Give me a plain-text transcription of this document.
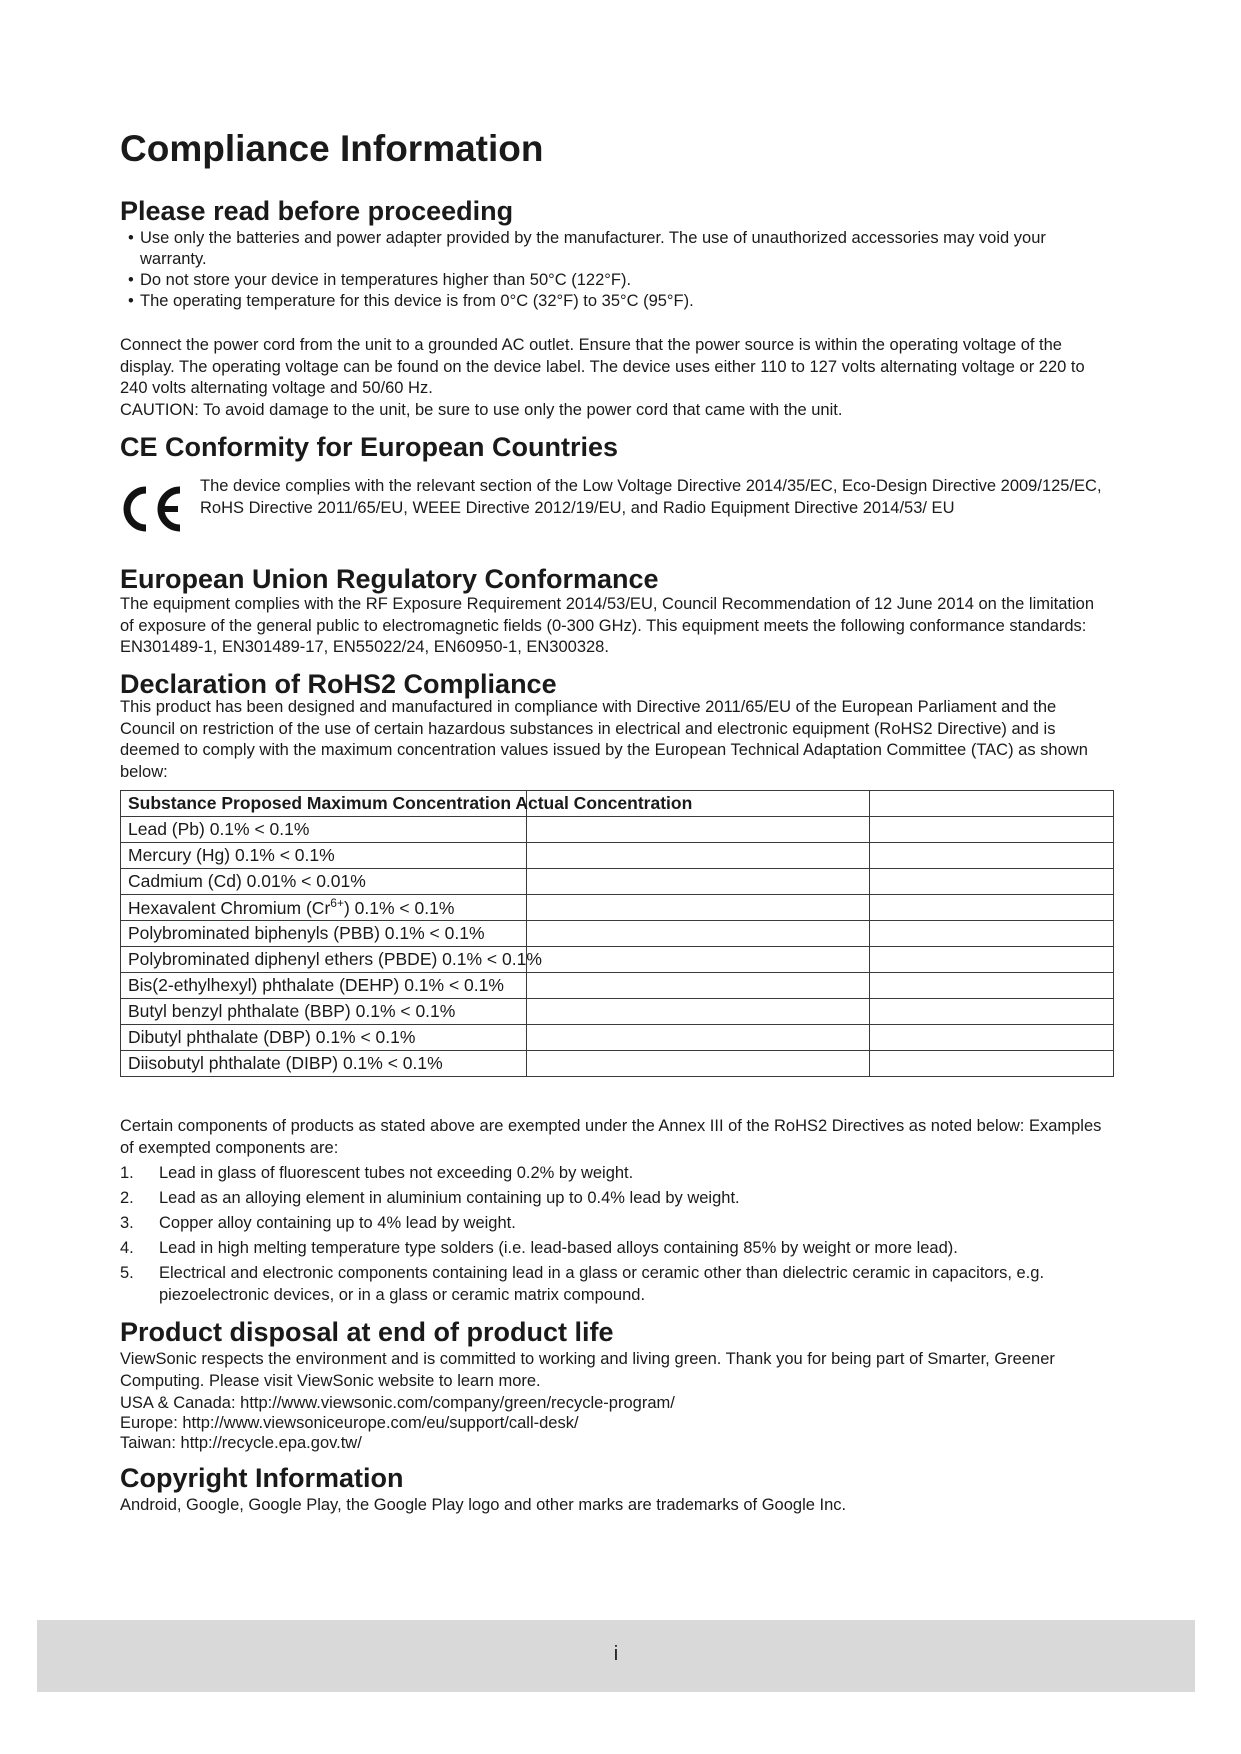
Compliance Information
Please read before proceeding
• Use only the batteries and power adapter provided by the manufacturer. The use of unauthorized accessories may void your warranty.
• Do not store your device in temperatures higher than 50°C (122°F).
• The operating temperature for this device is from 0°C (32°F) to 35°C (95°F).

Connect the power cord from the unit to a grounded AC outlet. Ensure that the power source is within the operating voltage of the display. The operating voltage can be found on the device label. The device uses either 110 to 127 volts alternating voltage or 220 to 240 volts alternating voltage and 50/60 Hz.

CAUTION: To avoid damage to the unit, be sure to use only the power cord that came with the unit.

CE Conformity for European Countries
The device complies with the relevant section of the Low Voltage Directive 2014/35/EC, Eco-Design Directive 2009/125/EC, RoHS Directive 2011/65/EU, WEEE Directive 2012/19/EU, and Radio Equipment Directive 2014/53/ EU
European Union Regulatory Conformance

The equipment complies with the RF Exposure Requirement 2014/53/EU, Council Recommendation of 12 June 2014 on the limitation of exposure of the general public to electromagnetic fields (0-300 GHz). This equipment meets the following conformance standards: EN301489-1, EN301489-17, EN55022/24, EN60950-1, EN300328.

Declaration of RoHS2 Compliance

This product has been designed and manufactured in compliance with Directive 2011/65/EU of the European Parliament and the Council on restriction of the use of certain hazardous substances in electrical and electronic equipment (RoHS2 Directive) and is deemed to comply with the maximum concentration values issued by the European Technical Adaptation Committee (TAC) as shown below:

Substance Proposed Maximum Concentration Actual Concentration		
Lead (Pb) 0.1% < 0.1%		
Mercury (Hg) 0.1% < 0.1%		
Cadmium (Cd) 0.01% < 0.01%		
Hexavalent Chromium $(Cr^{6+}) 0.1\% < 0.1\%$		
Polybrominated biphenyls (PBB) 0.1% < 0.1%		
Polybrominated diphenyl ethers (PBDE) 0.1% < 0.1%		
Bis(2-ethylhexyl) phthalate (DEHP) 0.1% < 0.1%		
Butyl benzyl phthalate (BBP) 0.1% < 0.1%		
Dibutyl phthalate (DBP) 0.1% < 0.1%		
Diisobutyl phthalate (DIBP) 0.1% < 0.1%		

Certain components of products as stated above are exempted under the Annex III of the RoHS2 Directives as noted below: Examples of exempted components are:

1. Lead in glass of fluorescent tubes not exceeding 0.2% by weight.
2. Lead as an alloying element in aluminium containing up to 0.4% lead by weight.
3. Copper alloy containing up to 4% lead by weight.
4. Lead in high melting temperature type solders (i.e. lead-based alloys containing 85% by weight or more lead).
5. Electrical and electronic components containing lead in a glass or ceramic other than dielectric ceramic in capacitors, e.g. piezoelectronic devices, or in a glass or ceramic matrix compound.
Product disposal at end of product life

ViewSonic respects the environment and is committed to working and living green. Thank you for being part of Smarter, Greener Computing. Please visit ViewSonic website to learn more.

USA & Canada: http://www.viewsonic.com/company/green/recycle-program/

Europe: http://www.viewsoniceurope.com/eu/support/call-desk/

Taiwan: http://recycle.epa.gov.tw/

Copyright Information

Android, Google, Google Play, the Google Play logo and other marks are trademarks of Google Inc.

i
